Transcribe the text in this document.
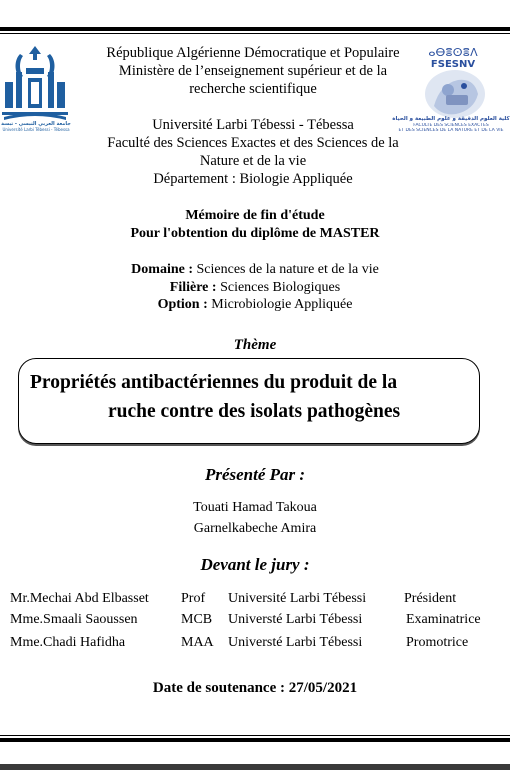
جامعة العربي التبسي - تبسة
Université Larbi Tébessi - Tébessa
République Algérienne Démocratique et Populaire
Ministère de l’enseignement supérieur et de la
recherche scientifique
ⴰⴱⴻⵙⴻⴷ
FSESNV
كلية العلوم الدقيقة و علوم الطبيعة و الحياة
FACULTE DES SCIENCES EXACTES
ET DES SCIENCES DE LA NATURE ET DE LA VIE
Université Larbi Tébessi - Tébessa
Faculté des Sciences Exactes et des Sciences de la
Nature et de la vie
Département : Biologie Appliquée
Mémoire de fin d'étude
Pour l'obtention du diplôme de MASTER
Domaine : Sciences de la nature et de la vie
Filière : Sciences Biologiques
Option : Microbiologie Appliquée
Thème
Propriétés antibactériennes du produit de la
ruche contre des isolats pathogènes
Présenté Par :
Touati Hamad Takoua
Garnelkabeche Amira
Devant le jury :
Mr.Mechai Abd Elbasset Prof Université Larbi Tébessi	Président
Mme.Smaali Saoussen	MCB Universté Larbi Tébessi	Examinatrice
Mme.Chadi Hafidha	MAA Universté Larbi Tébessi	Promotrice
Date de soutenance : 27/05/2021
